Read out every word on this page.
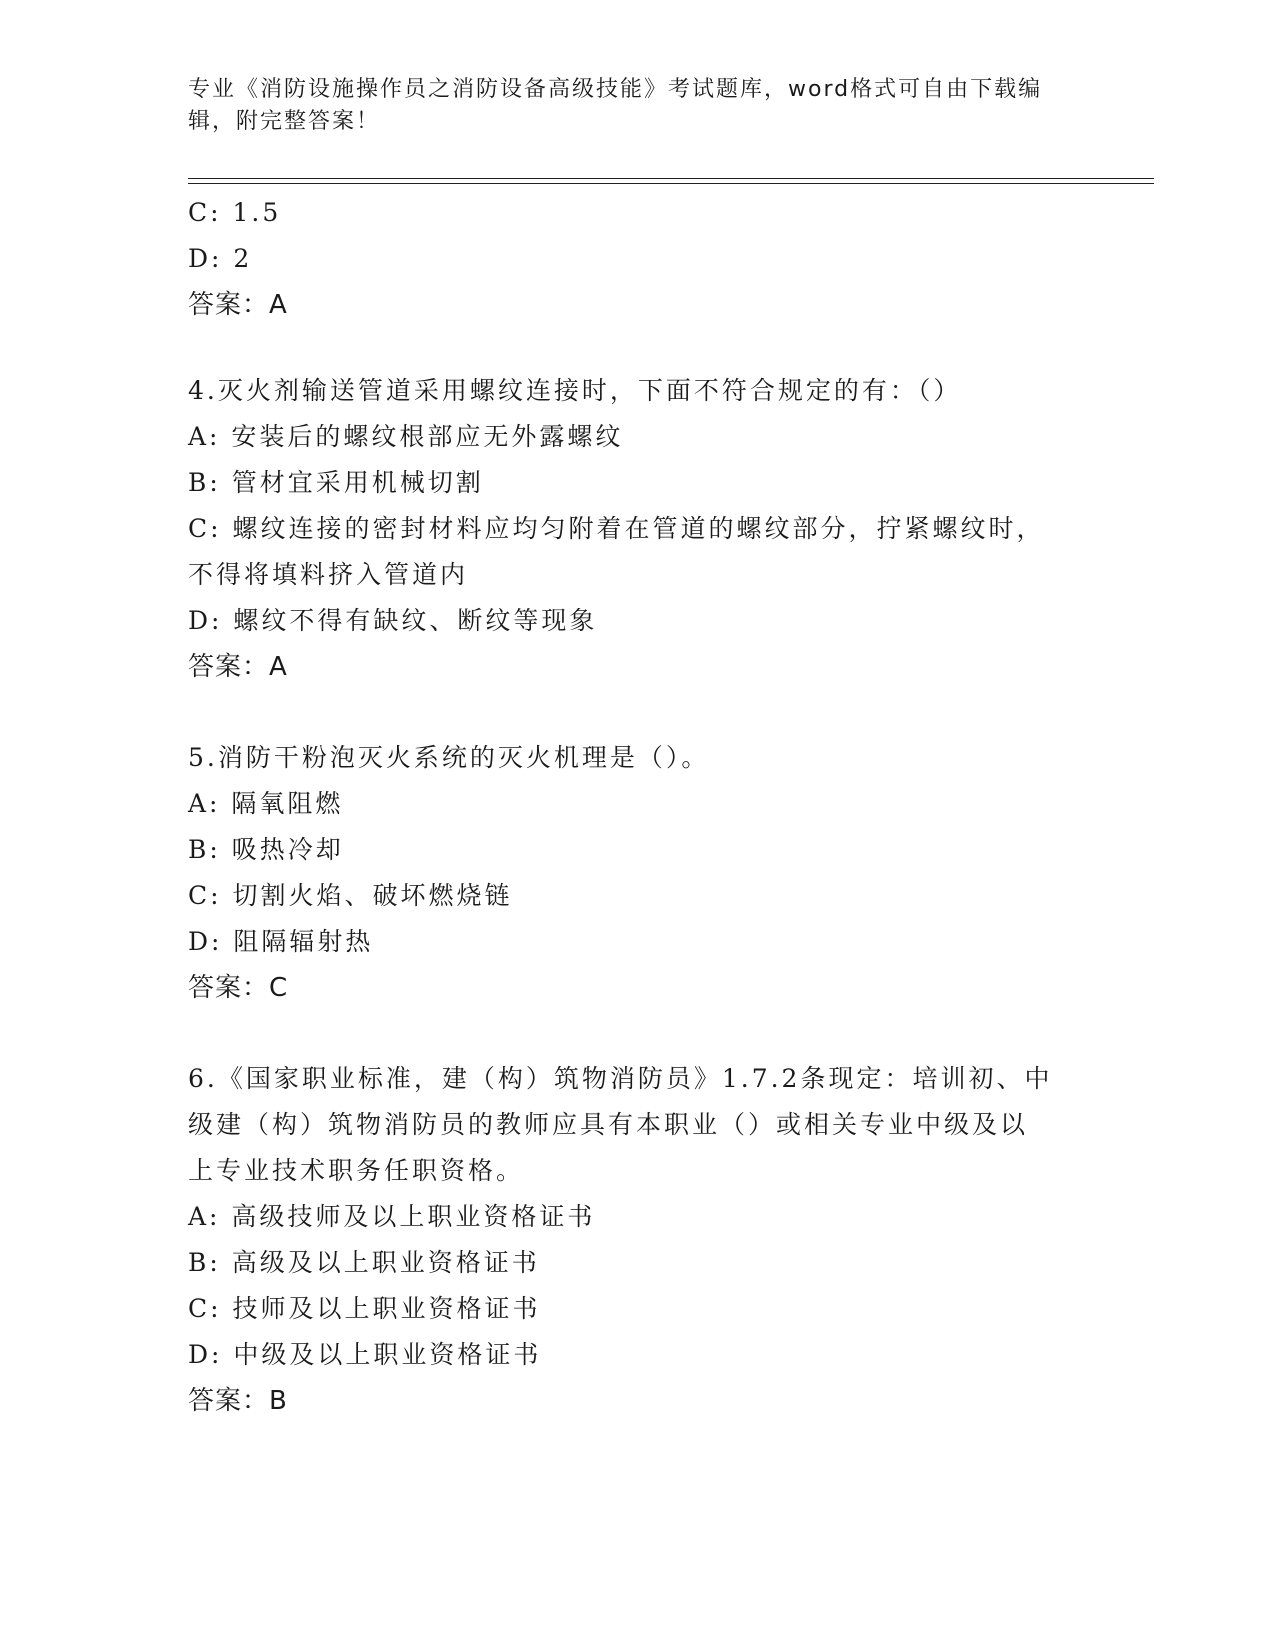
专业《消防设施操作员之消防设备高级技能》考试题库，word格式可自由下载编
辑，附完整答案！
C: 1.5
D: 2
答案：A
4.灭火剂输送管道采用螺纹连接时，下面不符合规定的有：（）
A: 安装后的螺纹根部应无外露螺纹
B: 管材宜采用机械切割
C: 螺纹连接的密封材料应均匀附着在管道的螺纹部分，拧紧螺纹时，
不得将填料挤入管道内
D: 螺纹不得有缺纹、断纹等现象
答案：A
5.消防干粉泡灭火系统的灭火机理是（）。
A: 隔氧阻燃
B: 吸热冷却
C: 切割火焰、破坏燃烧链
D: 阻隔辐射热
答案：C
6.《国家职业标准，建（构）筑物消防员》1.7.2条现定：培训初、中
级建（构）筑物消防员的教师应具有本职业（）或相关专业中级及以
上专业技术职务任职资格。
A: 高级技师及以上职业资格证书
B: 高级及以上职业资格证书
C: 技师及以上职业资格证书
D: 中级及以上职业资格证书
答案：B
